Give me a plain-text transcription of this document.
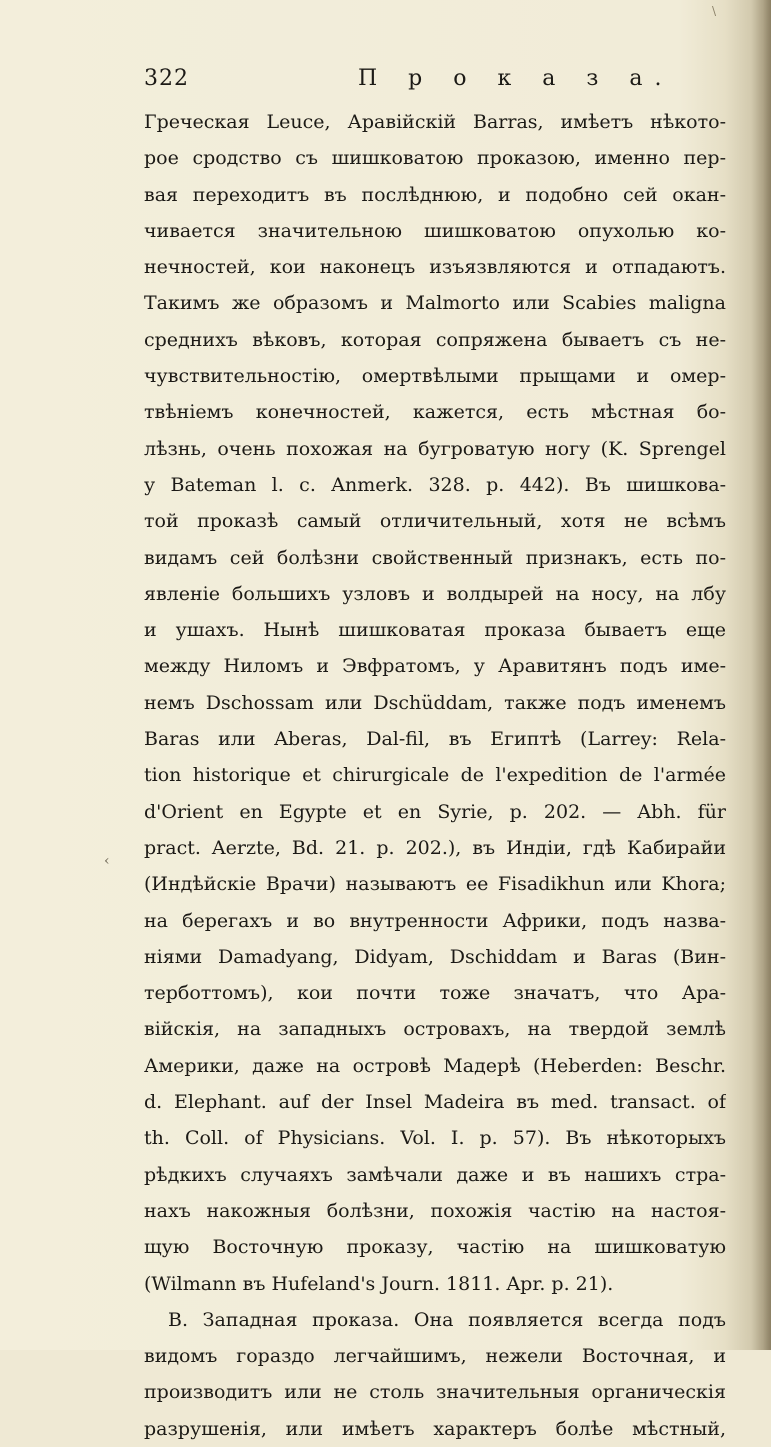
\
322	П р о к а з а.
‹
Греческая Leuce, Аравійскій Barras, имѣетъ нѣкото-
рое сродство съ шишковатою проказою, именно пер-
вая переходитъ въ послѣднюю, и подобно сей окан-
чивается значительною шишковатою опухолью ко-
нечностей, кои наконецъ изъязвляются и отпадаютъ.
Такимъ же образомъ и Malmorto или Scabies maligna
среднихъ вѣковъ, которая сопряжена бываетъ съ не-
чувствительностію, омертвѣлыми прыщами и омер-
твѣніемъ конечностей, кажется, есть мѣстная бо-
лѣзнь, очень похожая на бугроватую ногу (K. Sprengel
у Bateman l. c. Anmerk. 328. p. 442). Въ шишкова-
той проказѣ самый отличительный, хотя не всѣмъ
видамъ сей болѣзни свойственный признакъ, есть по-
явленіе большихъ узловъ и волдырей на носу, на лбу
и ушахъ. Нынѣ шишковатая проказа бываетъ еще
между Ниломъ и Эвфратомъ, у Аравитянъ подъ име-
немъ Dschossam или Dschüddam, также подъ именемъ
Baras или Aberas, Dal-fil, въ Египтѣ (Larrey: Rela-
tion historique et chirurgicale de l'expedition de l'armée
d'Orient en Egypte et en Syrie, p. 202. — Abh. für
pract. Aerzte, Bd. 21. p. 202.), въ Индіи, гдѣ Кабирайи
(Индѣйскіе Врачи) называютъ ее Fisadikhun или Khora;
на берегахъ и во внутренности Африки, подъ назва-
ніями Damadyang, Didyam, Dschiddam и Baras (Вин-
терботтомъ), кои почти тоже значатъ, что Ара-
війскія, на западныхъ островахъ, на твердой землѣ
Америки, даже на островѣ Мадерѣ (Heberden: Beschr.
d. Elephant. auf der Insel Madeira въ med. transact. of
th. Coll. of Physicians. Vol. I. p. 57). Въ нѣкоторыхъ
рѣдкихъ случаяхъ замѣчали даже и въ нашихъ стра-
нахъ накожныя болѣзни, похожія частію на настоя-
щую Восточную проказу, частію на шишковатую
(Wilmann въ Hufeland's Journ. 1811. Apr. p. 21).
B. Западная проказа. Она появляется всегда подъ
видомъ гораздо легчайшимъ, нежели Восточная, и
производитъ или не столь значительныя органическія
разрушенія, или имѣетъ характеръ болѣе мѣстный,
